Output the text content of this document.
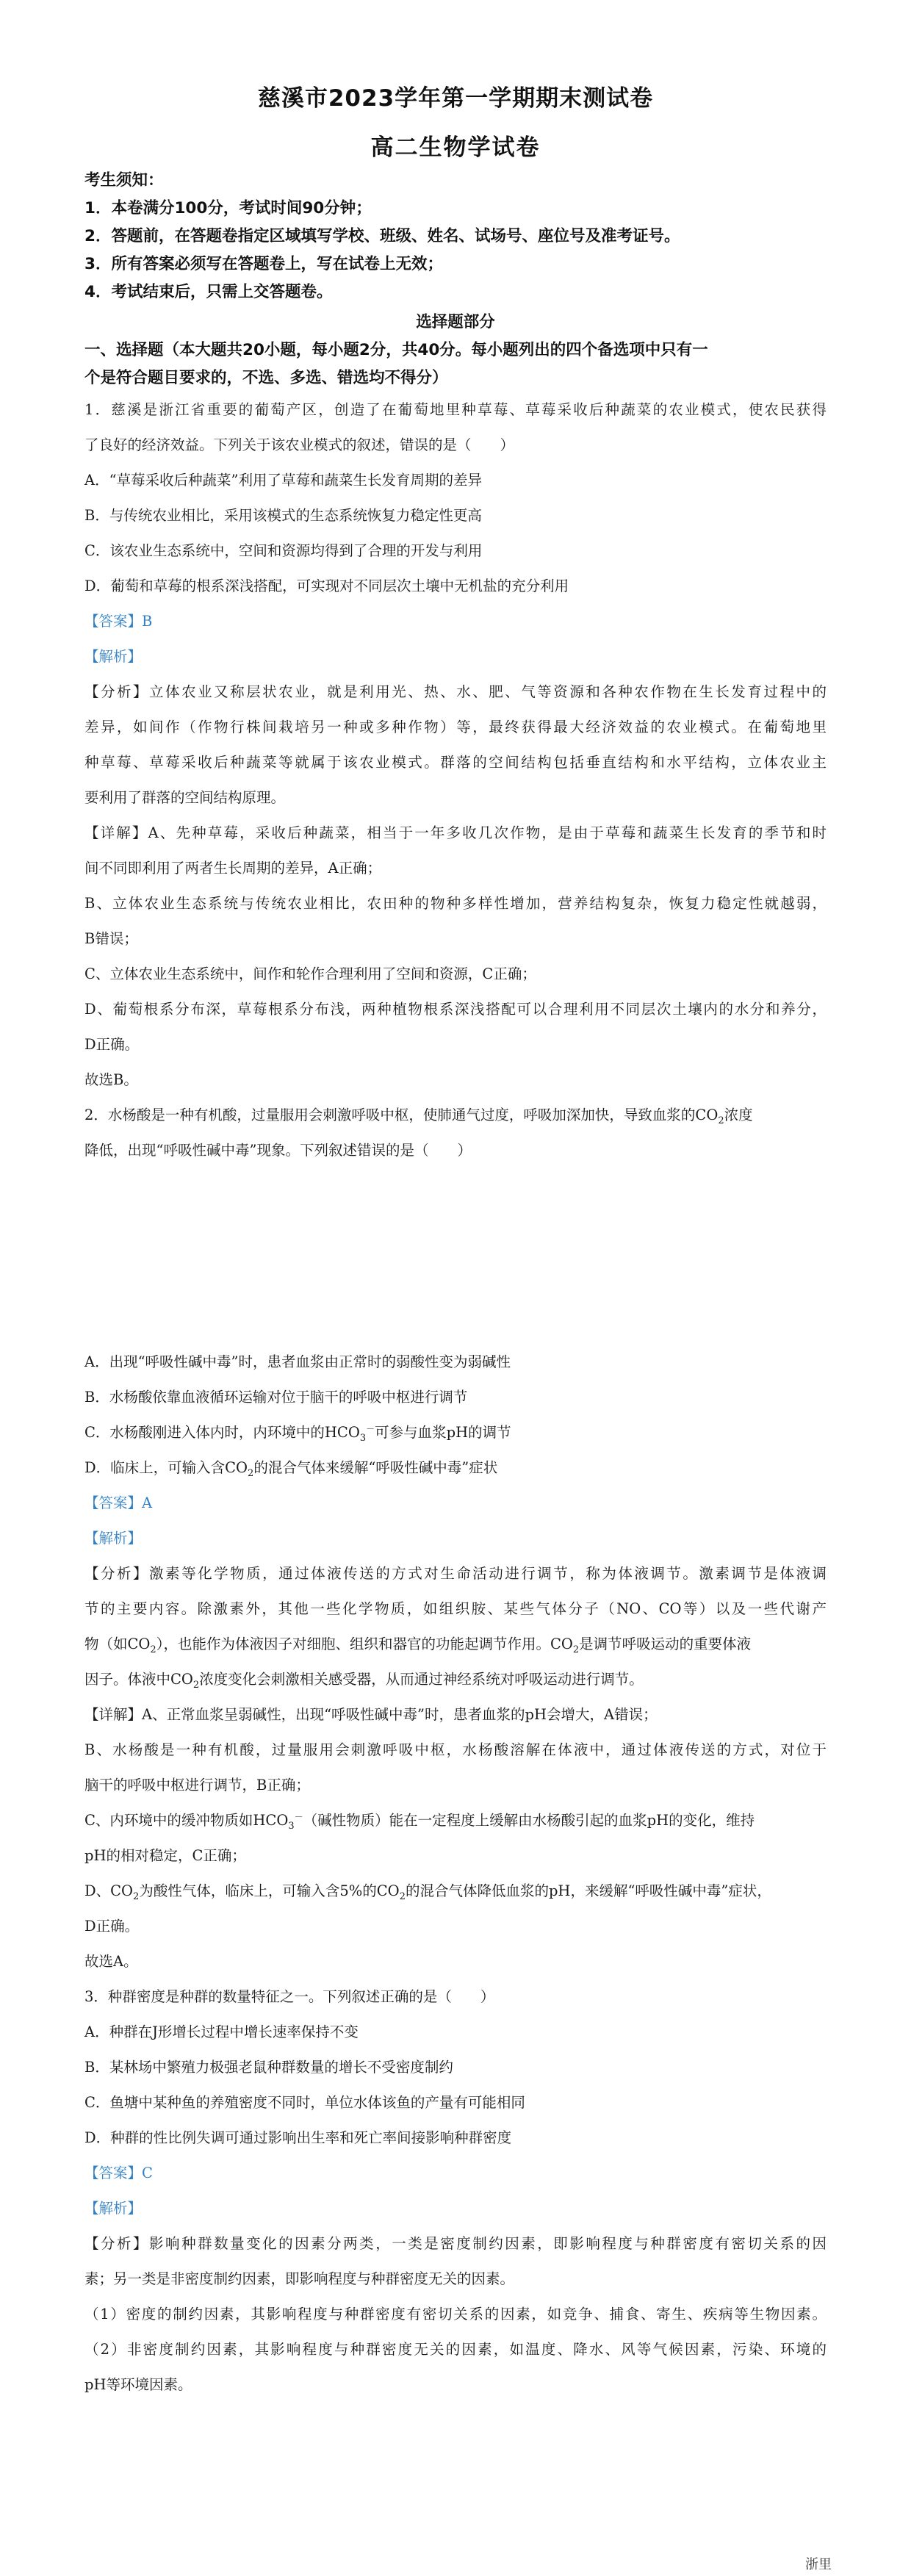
慈溪市2023学年第一学期期末测试卷
高二生物学试卷
考生须知：
1．本卷满分100分，考试时间90分钟；
2．答题前，在答题卷指定区域填写学校、班级、姓名、试场号、座位号及准考证号。
3．所有答案必须写在答题卷上，写在试卷上无效；
4．考试结束后，只需上交答题卷。
选择题部分
一、选择题（本大题共20小题，每小题2分，共40分。每小题列出的四个备选项中只有一
个是符合题目要求的，不选、多选、错选均不得分）
1．慈溪是浙江省重要的葡萄产区，创造了在葡萄地里种草莓、草莓采收后种蔬菜的农业模式，使农民获得
了良好的经济效益。下列关于该农业模式的叙述，错误的是（　　）
A．“草莓采收后种蔬菜”利用了草莓和蔬菜生长发育周期的差异
B．与传统农业相比，采用该模式的生态系统恢复力稳定性更高
C．该农业生态系统中，空间和资源均得到了合理的开发与利用
D．葡萄和草莓的根系深浅搭配，可实现对不同层次土壤中无机盐的充分利用
【答案】B
【解析】
【分析】立体农业又称层状农业，就是利用光、热、水、肥、气等资源和各种农作物在生长发育过程中的
差异，如间作（作物行株间栽培另一种或多种作物）等，最终获得最大经济效益的农业模式。在葡萄地里
种草莓、草莓采收后种蔬菜等就属于该农业模式。群落的空间结构包括垂直结构和水平结构，立体农业主
要利用了群落的空间结构原理。
【详解】A、先种草莓，采收后种蔬菜，相当于一年多收几次作物，是由于草莓和蔬菜生长发育的季节和时
间不同即利用了两者生长周期的差异，A正确；
B、立体农业生态系统与传统农业相比，农田种的物种多样性增加，营养结构复杂，恢复力稳定性就越弱，
B错误；
C、立体农业生态系统中，间作和轮作合理利用了空间和资源，C正确；
D、葡萄根系分布深，草莓根系分布浅，两种植物根系深浅搭配可以合理利用不同层次土壤内的水分和养分，
D正确。
故选B。
2．水杨酸是一种有机酸，过量服用会刺激呼吸中枢，使肺通气过度，呼吸加深加快，导致血浆的$CO_2$浓度
降低，出现“呼吸性碱中毒”现象。下列叙述错误的是（　　）
A．出现“呼吸性碱中毒”时，患者血浆由正常时的弱酸性变为弱碱性
B．水杨酸依靠血液循环运输对位于脑干的呼吸中枢进行调节
C．水杨酸刚进入体内时，内环境中的$HCO_3^-$可参与血浆pH的调节
D．临床上，可输入含$CO_2$的混合气体来缓解“呼吸性碱中毒”症状
【答案】A
【解析】
【分析】激素等化学物质，通过体液传送的方式对生命活动进行调节，称为体液调节。激素调节是体液调
节的主要内容。除激素外，其他一些化学物质，如组织胺、某些气体分子（NO、CO等）以及一些代谢产
物（如$CO_2$），也能作为体液因子对细胞、组织和器官的功能起调节作用。$CO_2$是调节呼吸运动的重要体液
因子。体液中$CO_2$浓度变化会刺激相关感受器，从而通过神经系统对呼吸运动进行调节。
【详解】A、正常血浆呈弱碱性，出现“呼吸性碱中毒”时，患者血浆的pH会增大，A错误；
B、水杨酸是一种有机酸，过量服用会刺激呼吸中枢，水杨酸溶解在体液中，通过体液传送的方式，对位于
脑干的呼吸中枢进行调节，B正确；
C、内环境中的缓冲物质如$HCO_3^-$（碱性物质）能在一定程度上缓解由水杨酸引起的血浆pH的变化，维持
pH的相对稳定，C正确；
D、$CO_2$为酸性气体，临床上，可输入含5%的$CO_2$的混合气体降低血浆的pH，来缓解“呼吸性碱中毒”症状，
D正确。
故选A。
3．种群密度是种群的数量特征之一。下列叙述正确的是（　　）
A．种群在J形增长过程中增长速率保持不变
B．某林场中繁殖力极强老鼠种群数量的增长不受密度制约
C．鱼塘中某种鱼的养殖密度不同时，单位水体该鱼的产量有可能相同
D．种群的性比例失调可通过影响出生率和死亡率间接影响种群密度
【答案】C
【解析】
【分析】影响种群数量变化的因素分两类，一类是密度制约因素，即影响程度与种群密度有密切关系的因
素；另一类是非密度制约因素，即影响程度与种群密度无关的因素。
（1）密度的制约因素，其影响程度与种群密度有密切关系的因素，如竞争、捕食、寄生、疾病等生物因素。
（2）非密度制约因素，其影响程度与种群密度无关的因素，如温度、降水、风等气候因素，污染、环境的
pH等环境因素。
浙里
